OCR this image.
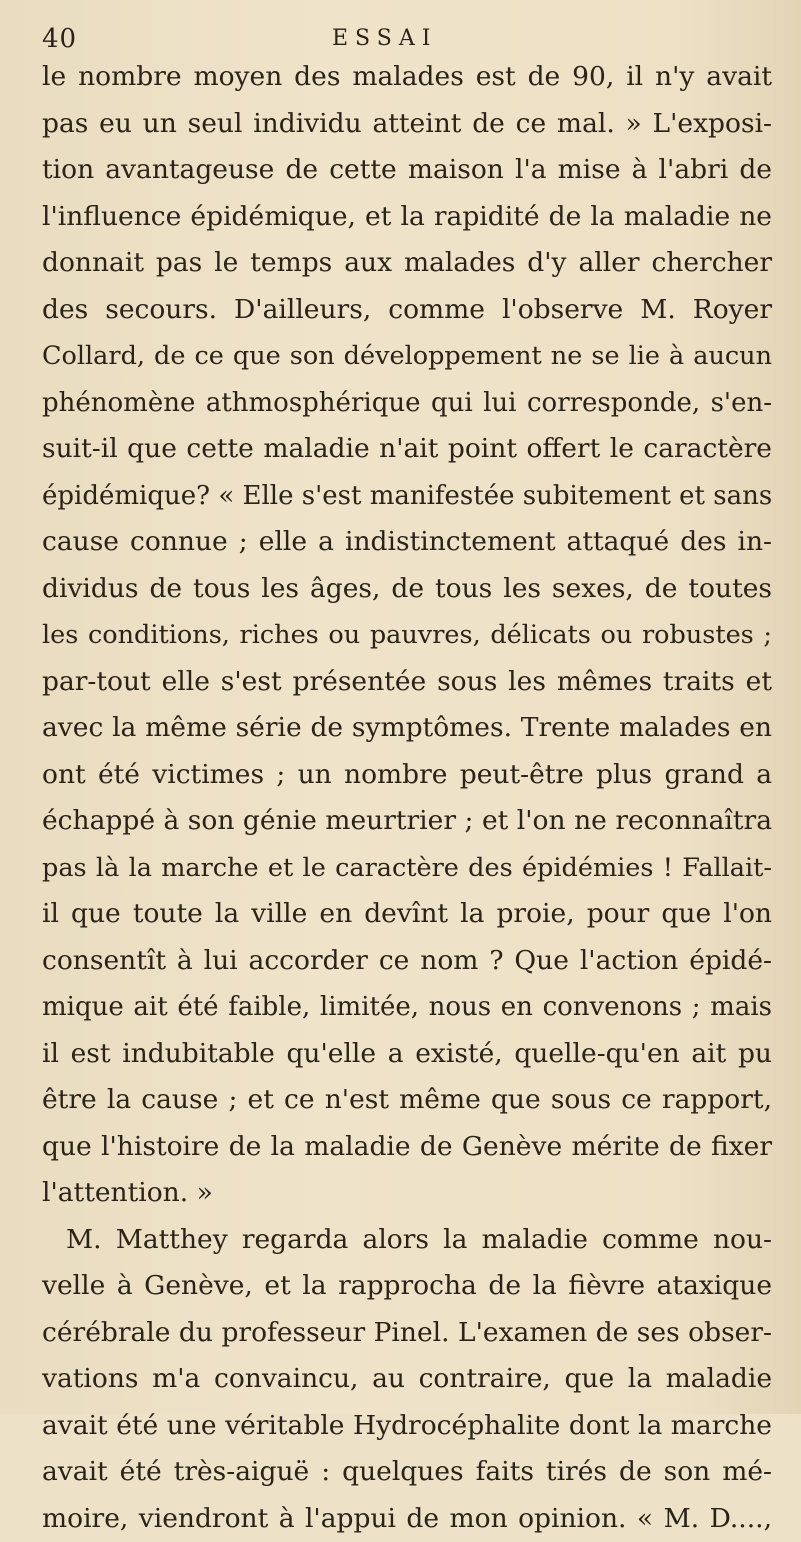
40	ESSAI
le nombre moyen des malades est de 90, il n'y avait
pas eu un seul individu atteint de ce mal. » L'exposi-
tion avantageuse de cette maison l'a mise à l'abri de
l'influence épidémique, et la rapidité de la maladie ne
donnait pas le temps aux malades d'y aller chercher
des secours. D'ailleurs, comme l'observe M. Royer
Collard, de ce que son développement ne se lie à aucun
phénomène athmosphérique qui lui corresponde, s'en-
suit-il que cette maladie n'ait point offert le caractère
épidémique? « Elle s'est manifestée subitement et sans
cause connue ; elle a indistinctement attaqué des in-
dividus de tous les âges, de tous les sexes, de toutes
les conditions, riches ou pauvres, délicats ou robustes ;
par-tout elle s'est présentée sous les mêmes traits et
avec la même série de symptômes. Trente malades en
ont été victimes ; un nombre peut-être plus grand a
échappé à son génie meurtrier ; et l'on ne reconnaîtra
pas là la marche et le caractère des épidémies ! Fallait-
il que toute la ville en devînt la proie, pour que l'on
consentît à lui accorder ce nom ? Que l'action épidé-
mique ait été faible, limitée, nous en convenons ; mais
il est indubitable qu'elle a existé, quelle-qu'en ait pu
être la cause ; et ce n'est même que sous ce rapport,
que l'histoire de la maladie de Genève mérite de fixer
l'attention. »
M. Matthey regarda alors la maladie comme nou-
velle à Genève, et la rapprocha de la fièvre ataxique
cérébrale du professeur Pinel. L'examen de ses obser-
vations m'a convaincu, au contraire, que la maladie
avait été une véritable Hydrocéphalite dont la marche
avait été très-aiguë : quelques faits tirés de son mé-
moire, viendront à l'appui de mon opinion. « M. D....,
